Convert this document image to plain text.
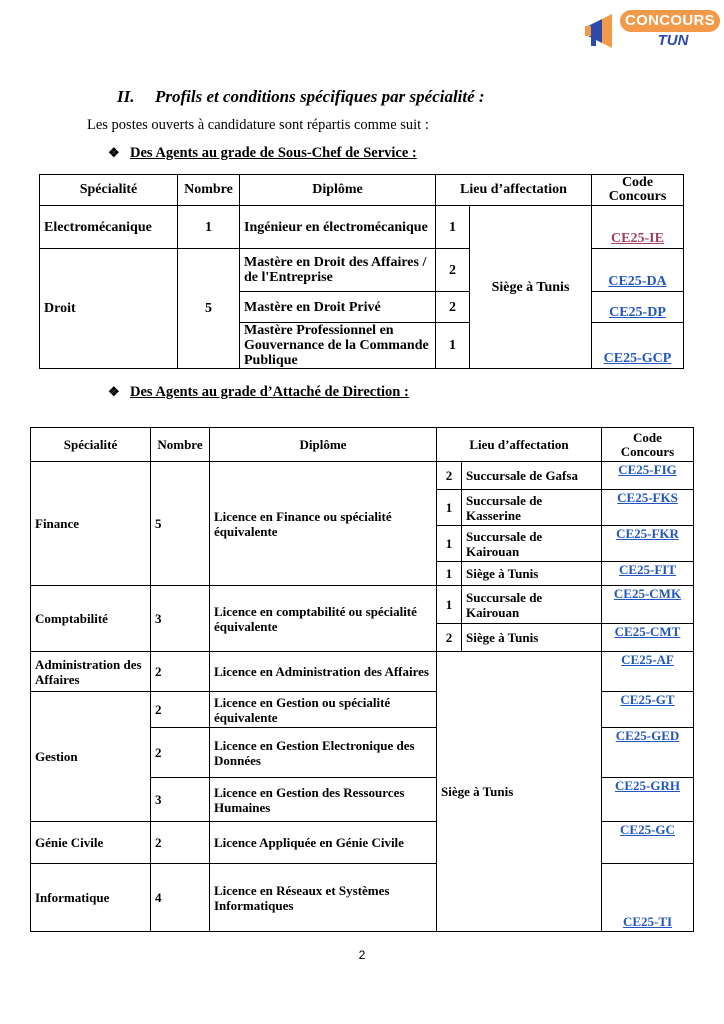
CONCOURS
TUN
II. Profils et conditions spécifiques par spécialité :
Les postes ouverts à candidature sont répartis comme suit :
❖ Des Agents au grade de Sous-Chef de Service :
Spécialité	Nombre	Diplôme	Lieu d’affectation		Code Concours
Electromécanique	1	Ingénieur en électromécanique	1	Siège à Tunis	CE25-IE
Droit	5	Mastère en Droit des Affaires / de l'Entreprise	2		CE25-DA
		Mastère en Droit Privé	2		CE25-DP
		Mastère Professionnel en Gouvernance de la Commande Publique	1		CE25-GCP
❖ Des Agents au grade d’Attaché de Direction :
Spécialité	Nombre	Diplôme	Lieu d’affectation		Code Concours
Finance	5	Licence en Finance ou spécialité équivalente	2	Succursale de Gafsa	CE25-FIG
			1	Succursale de Kasserine	CE25-FKS
			1	Succursale de Kairouan	CE25-FKR
			1	Siège à Tunis	CE25-FIT
Comptabilité	3	Licence en comptabilité ou spécialité équivalente	1	Succursale de Kairouan	CE25-CMK
			2	Siège à Tunis	CE25-CMT
Administration des Affaires	2	Licence en Administration des Affaires	Siège à Tunis		CE25-AF
Gestion	2	Licence en Gestion ou spécialité équivalente			CE25-GT
	2	Licence en Gestion Electronique des Données			CE25-GED
	3	Licence en Gestion des Ressources Humaines			CE25-GRH
Génie Civile	2	Licence Appliquée en Génie Civile			CE25-GC
Informatique	4	Licence en Réseaux et Systèmes Informatiques			CE25-TI
2
